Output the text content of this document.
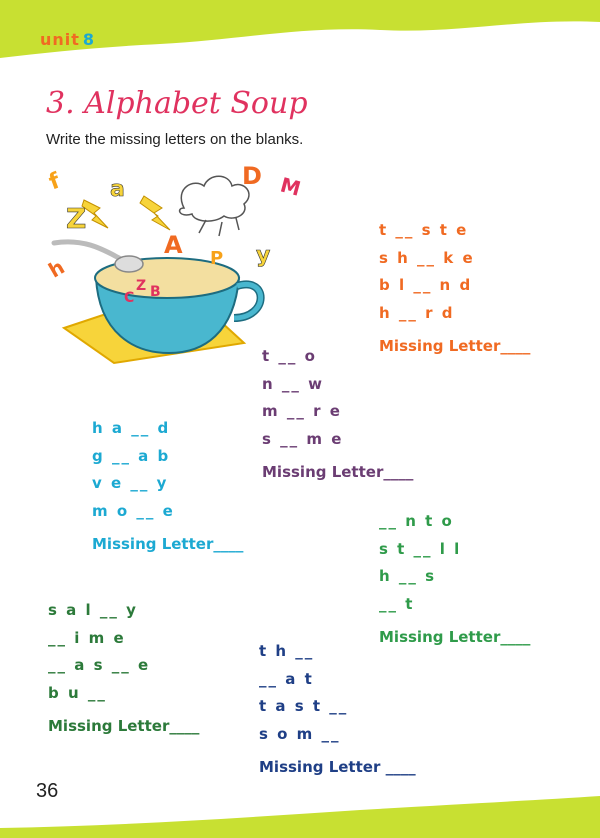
unit 8
3. Alphabet Soup
Write the missing letters on the blanks.
f a
Z
A P y
D M
h
Z B
C
t __ s t e
s h __ k e
b l __ n d
h __ r d
Missing Letter____
t __ o
n __ w
m __ r e
s __ m e
Missing Letter____
h a __ d
g __ a b
v e __ y
m o __ e
Missing Letter____
__ n t o
s t __ l l
h __ s
__ t
Missing Letter____
s a l __ y
__ i m e
__ a s __ e
b u __
Missing Letter____
t h __
__ a t
t a s t __
s o m __
Missing Letter ____
36
